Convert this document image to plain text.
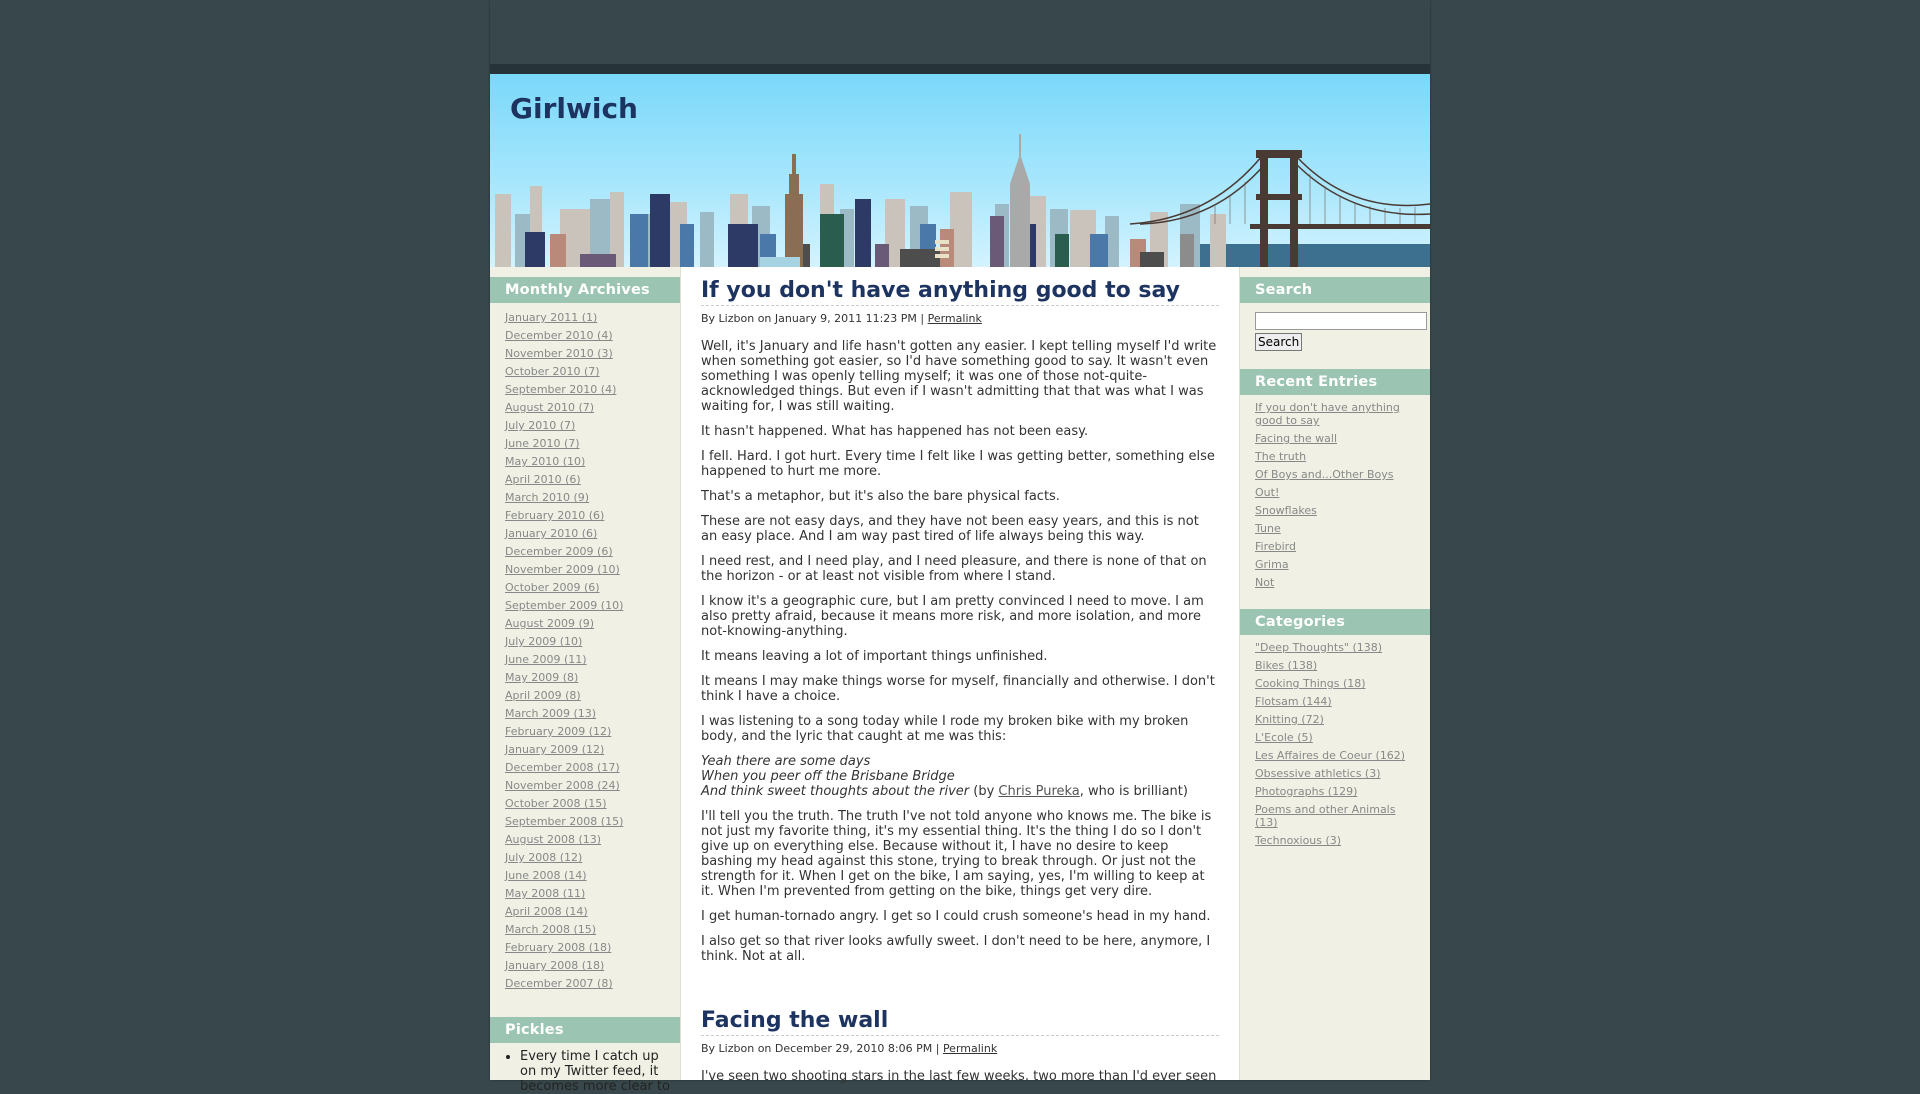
Girlwich
Monthly Archives
January 2011 (1)
December 2010 (4)
November 2010 (3)
October 2010 (7)
September 2010 (4)
August 2010 (7)
July 2010 (7)
June 2010 (7)
May 2010 (10)
April 2010 (6)
March 2010 (9)
February 2010 (6)
January 2010 (6)
December 2009 (6)
November 2009 (10)
October 2009 (6)
September 2009 (10)
August 2009 (9)
July 2009 (10)
June 2009 (11)
May 2009 (8)
April 2009 (8)
March 2009 (13)
February 2009 (12)
January 2009 (12)
December 2008 (17)
November 2008 (24)
October 2008 (15)
September 2008 (15)
August 2008 (13)
July 2008 (12)
June 2008 (14)
May 2008 (11)
April 2008 (14)
March 2008 (15)
February 2008 (18)
January 2008 (18)
December 2007 (8)
Pickles
• Every time I catch up on my Twitter feed, it becomes more clear to
If you don't have anything good to say
By Lizbon on January 9, 2011 11:23 PM | Permalink

Well, it's January and life hasn't gotten any easier. I kept telling myself I'd write when something got easier, so I'd have something good to say. It wasn't even something I was openly telling myself; it was one of those not-quite-acknowledged things. But even if I wasn't admitting that that was what I was waiting for, I was still waiting.

It hasn't happened. What has happened has not been easy.

I fell. Hard. I got hurt. Every time I felt like I was getting better, something else happened to hurt me more.

That's a metaphor, but it's also the bare physical facts.

These are not easy days, and they have not been easy years, and this is not an easy place. And I am way past tired of life always being this way.

I need rest, and I need play, and I need pleasure, and there is none of that on the horizon - or at least not visible from where I stand.

I know it's a geographic cure, but I am pretty convinced I need to move. I am also pretty afraid, because it means more risk, and more isolation, and more not-knowing-anything.

It means leaving a lot of important things unfinished.

It means I may make things worse for myself, financially and otherwise. I don't think I have a choice.

I was listening to a song today while I rode my broken bike with my broken body, and the lyric that caught at me was this:

Yeah there are some days
When you peer off the Brisbane Bridge
And think sweet thoughts about the river (by Chris Pureka, who is brilliant)

I'll tell you the truth. The truth I've not told anyone who knows me. The bike is not just my favorite thing, it's my essential thing. It's the thing I do so I don't give up on everything else. Because without it, I have no desire to keep bashing my head against this stone, trying to break through. Or just not the strength for it. When I get on the bike, I am saying, yes, I'm willing to keep at it. When I'm prevented from getting on the bike, things get very dire.

I get human-tornado angry. I get so I could crush someone's head in my hand.

I also get so that river looks awfully sweet. I don't need to be here, anymore, I think. Not at all.

Facing the wall
By Lizbon on December 29, 2010 8:06 PM | Permalink

I've seen two shooting stars in the last few weeks, two more than I'd ever seen

Search
Search
Recent Entries
If you don't have anything good to say
Facing the wall
The truth
Of Boys and...Other Boys
Out!
Snowflakes
Tune
Firebird
Grima
Not
Categories
"Deep Thoughts" (138)
Bikes (138)
Cooking Things (18)
Flotsam (144)
Knitting (72)
L'Ecole (5)
Les Affaires de Coeur (162)
Obsessive athletics (3)
Photographs (129)
Poems and other Animals (13)
Technoxious (3)
